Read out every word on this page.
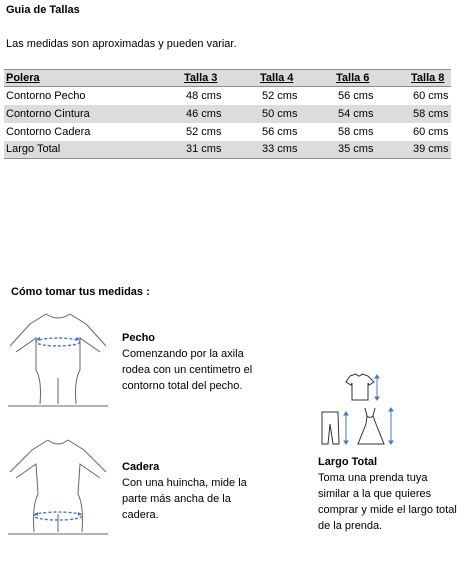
Guia de Tallas
Las medidas son aproximadas y pueden variar.
Polera	Talla 3	Talla 4	Talla 6	Talla 8
Contorno Pecho	48 cms	52 cms	56 cms	60 cms
Contorno Cintura	46 cms	50 cms	54 cms	58 cms
Contorno Cadera	52 cms	56 cms	58 cms	60 cms
Largo Total	31 cms	33 cms	35 cms	39 cms
Cómo tomar tus medidas :
Pecho
Comenzando por la axila
rodea con un centimetro el
contorno total del pecho.
Cadera
Con una huincha, mide la
parte más ancha de la
cadera.
Largo Total
Toma una prenda tuya
similar a la que quieres
comprar y mide el largo total
de la prenda.
